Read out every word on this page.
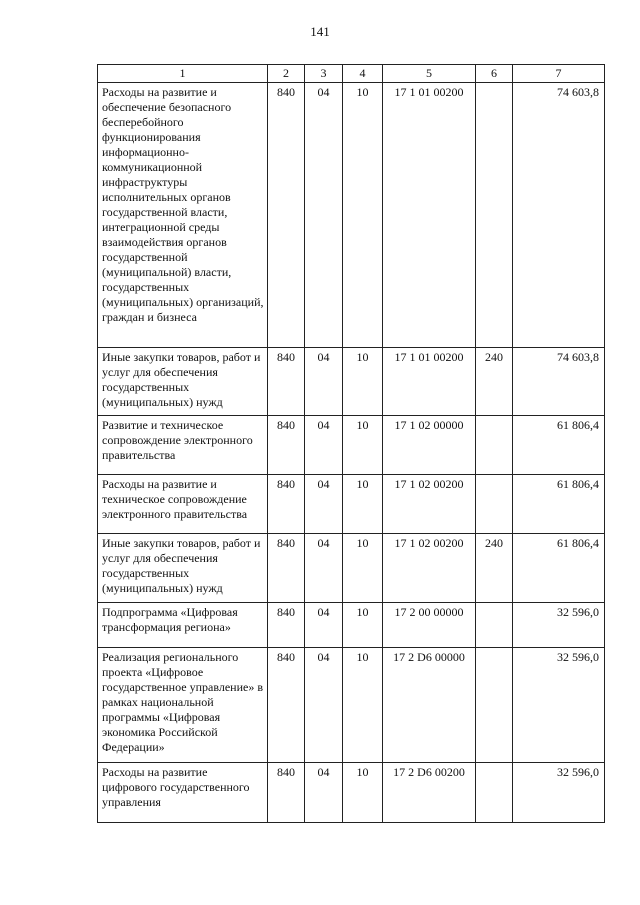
141
1	2	3	4	5	6	7
Расходы на развитие и обеспечение безопасного бесперебойного функционирования информационно-коммуникационной инфраструктуры исполнительных органов государственной власти, интеграционной среды взаимодействия органов государственной (муниципальной) власти, государственных (муниципальных) организаций, граждан и бизнеса	840	04	10	17 1 01 00200		74 603,8
Иные закупки товаров, работ и услуг для обеспечения государственных (муниципальных) нужд	840	04	10	17 1 01 00200	240	74 603,8
Развитие и техническое сопровождение электронного правительства	840	04	10	17 1 02 00000		61 806,4
Расходы на развитие и техническое сопровождение электронного правительства	840	04	10	17 1 02 00200		61 806,4
Иные закупки товаров, работ и услуг для обеспечения государственных (муниципальных) нужд	840	04	10	17 1 02 00200	240	61 806,4
Подпрограмма «Цифровая трансформация региона»	840	04	10	17 2 00 00000		32 596,0
Реализация регионального проекта «Цифровое государственное управление» в рамках национальной программы «Цифровая экономика Российской Федерации»	840	04	10	17 2 D6 00000		32 596,0
Расходы на развитие цифрового государственного управления	840	04	10	17 2 D6 00200		32 596,0
